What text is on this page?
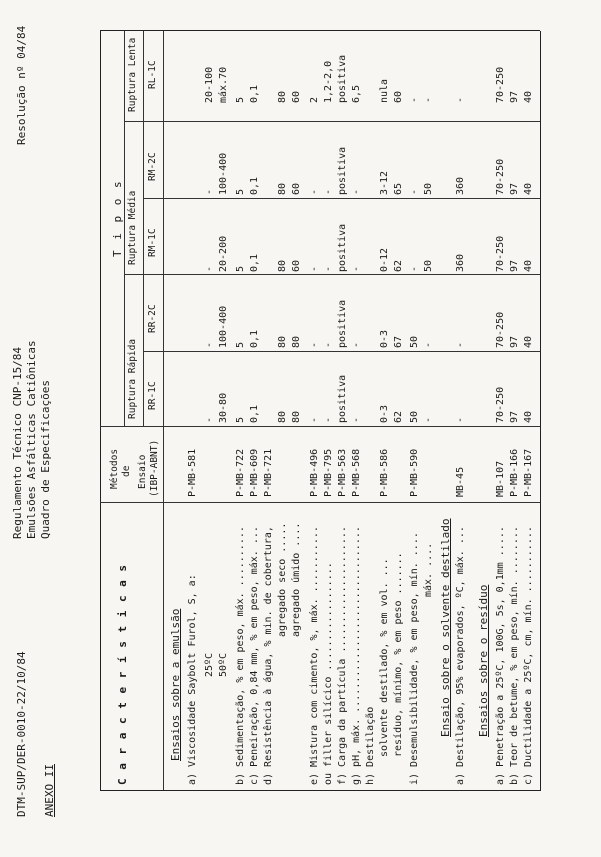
DTM-SUP/DER-0010-22/10/84 ANEXO II
Regulamento Técnico CNP-15/84 Emulsões Asfálticas Catiônicas Quadro de Especificações
Resolução nº 04/84
C a r a c t e r í s t i c a s
Métodos de Ensaio (IBP-ABNT)
T i p o s
Ruptura Rápida
Ruptura Média
Ruptura Lenta
RR-1C
RR-2C
RM-1C
RM-2C
RL-1C
Ensaios sobre a emulsão	Ensaio sobre o solvente destilado Ensaios sobre o resíduo
a) Viscosidade Saybolt Furol, S, a:
P-MB-581
25ºC
-
-
-
-
20-100
50ºC
30-80
100-400
20-200
100-400
máx.70
b) Sedimentação, % em peso, máx. ..........
P-MB-722
5
5
5
5
5
c) Peneiração, 0,84 mm, % em peso, máx. ...
P-MB-609
0,1
0,1
0,1
0,1
0,1
d) Resistência à água, % min. de cobertura,
P-MB-721
agregado seco .....
80
80
80
80
80
agregado úmido ....
80
80
60
60
60
e) Mistura com cimento, %, máx. ...........
P-MB-496
-
-
-
-
2
ou filler silícico ..................
P-MB-795
-
-
-
-
1,2-2,0
f) Carga da partícula .....................
P-MB-563
positiva
positiva
positiva
positiva
positiva
g) pH, máx. ...............................
P-MB-568
-
-
-
-
6,5
h) Destilação solvente destilado, % em vol. ...
P-MB-586
0-3
0-3
0-12
3-12
nula
resíduo, mínimo, % em peso .......
62
67
62
65
60
i) Desemulsibilidade, % em peso, mín. ....
P-MB-590
50
50
-
-
-
máx. ....
-
-
50
50
-
a) Destilação, 95% evaporados, ºC, máx. ...
MB-45
-
-
360
360
-
a) Penetração a 25ºC, 100G, 5s, 0,1mm .....
MB-107
70-250
70-250
70-250
70-250
70-250
b) Teor de betume, % em peso, mín. ........
P-MB-166
97
97
97
97
97
c) Ductilidade a 25ºC, cm, mín. ...........
P-MB-167
40
40
40
40
40
